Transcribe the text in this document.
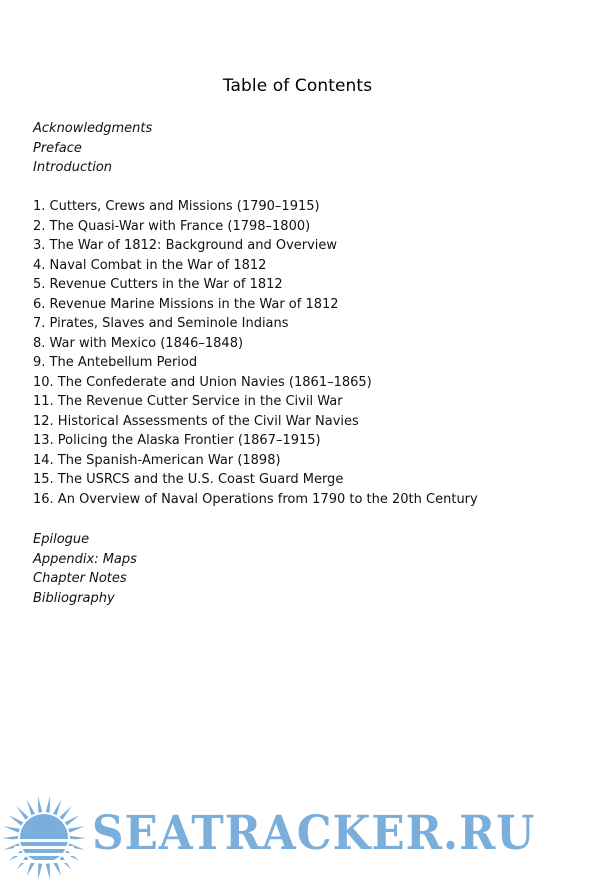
Table of Contents
Acknowledgments
Preface
Introduction
1. Cutters, Crews and Missions (1790–1915)
2. The Quasi-War with France (1798–1800)
3. The War of 1812: Background and Overview
4. Naval Combat in the War of 1812
5. Revenue Cutters in the War of 1812
6. Revenue Marine Missions in the War of 1812
7. Pirates, Slaves and Seminole Indians
8. War with Mexico (1846–1848)
9. The Antebellum Period
10. The Confederate and Union Navies (1861–1865)
11. The Revenue Cutter Service in the Civil War
12. Historical Assessments of the Civil War Navies
13. Policing the Alaska Frontier (1867–1915)
14. The Spanish-American War (1898)
15. The USRCS and the U.S. Coast Guard Merge
16. An Overview of Naval Operations from 1790 to the 20th Century
Epilogue
Appendix: Maps
Chapter Notes
Bibliography
SEATRACKER.RU
